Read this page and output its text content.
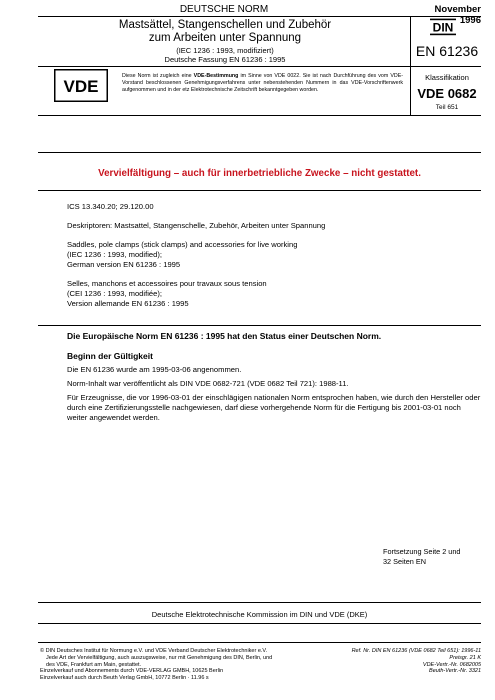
DEUTSCHE NORM	November 1996
Mastsättel, Stangenschellen und Zubehör
zum Arbeiten unter Spannung
(IEC 1236 : 1993, modifiziert)
Deutsche Fassung EN 61236 : 1995
DIN
EN 61236
VDE
Diese Norm ist zugleich eine VDE-Bestimmung im Sinne von VDE 0022. Sie ist nach Durchführung des vom VDE-Vorstand beschlossenen Genehmigungsverfahrens unter nebenstehenden Nummern in das VDE-Vorschriftenwerk aufgenommen und in der etz Elektrotechnische Zeitschrift bekanntgegeben worden.
Klassifikation
VDE 0682
Teil 651
Vervielfältigung – auch für innerbetriebliche Zwecke – nicht gestattet.
ICS 13.340.20; 29.120.00
Deskriptoren: Mastsattel, Stangenschelle, Zubehör, Arbeiten unter Spannung
Saddles, pole clamps (stick clamps) and accessories for live working
(IEC 1236 : 1993, modified);
German version EN 61236 : 1995
Selles, manchons et accessoires pour travaux sous tension
(CEI 1236 : 1993, modifiée);
Version allemande EN 61236 : 1995
Die Europäische Norm EN 61236 : 1995 hat den Status einer Deutschen Norm.
Beginn der Gültigkeit
Die EN 61236 wurde am 1995-03-06 angenommen.
Norm-Inhalt war veröffentlicht als DIN VDE 0682-721 (VDE 0682 Teil 721): 1988-11.
Für Erzeugnisse, die vor 1996-03-01 der einschlägigen nationalen Norm entsprochen haben, wie durch den Hersteller oder durch eine Zertifizierungsstelle nachgewiesen, darf diese vorhergehende Norm für die Fertigung bis 2001-03-01 noch weiter angewendet werden.
Fortsetzung Seite 2 und
32 Seiten EN
Deutsche Elektrotechnische Kommission im DIN und VDE (DKE)
© DIN Deutsches Institut für Normung e.V. und VDE Verband Deutscher Elektrotechniker e.V.
Jede Art der Vervielfältigung, auch auszugsweise, nur mit Genehmigung des DIN, Berlin, und
des VDE, Frankfurt am Main, gestattet.
Einzelverkauf und Abonnements durch VDE-VERLAG GMBH, 10625 Berlin
Einzelverkauf auch durch Beuth Verlag GmbH, 10772 Berlin · 11.96 s
Ref. Nr. DIN EN 61236 (VDE 0682 Teil 651): 1996-11
Preisgr. 21 K
VDE-Vertr.-Nr. 0682005
Beuth-Vertr.-Nr. 3321
